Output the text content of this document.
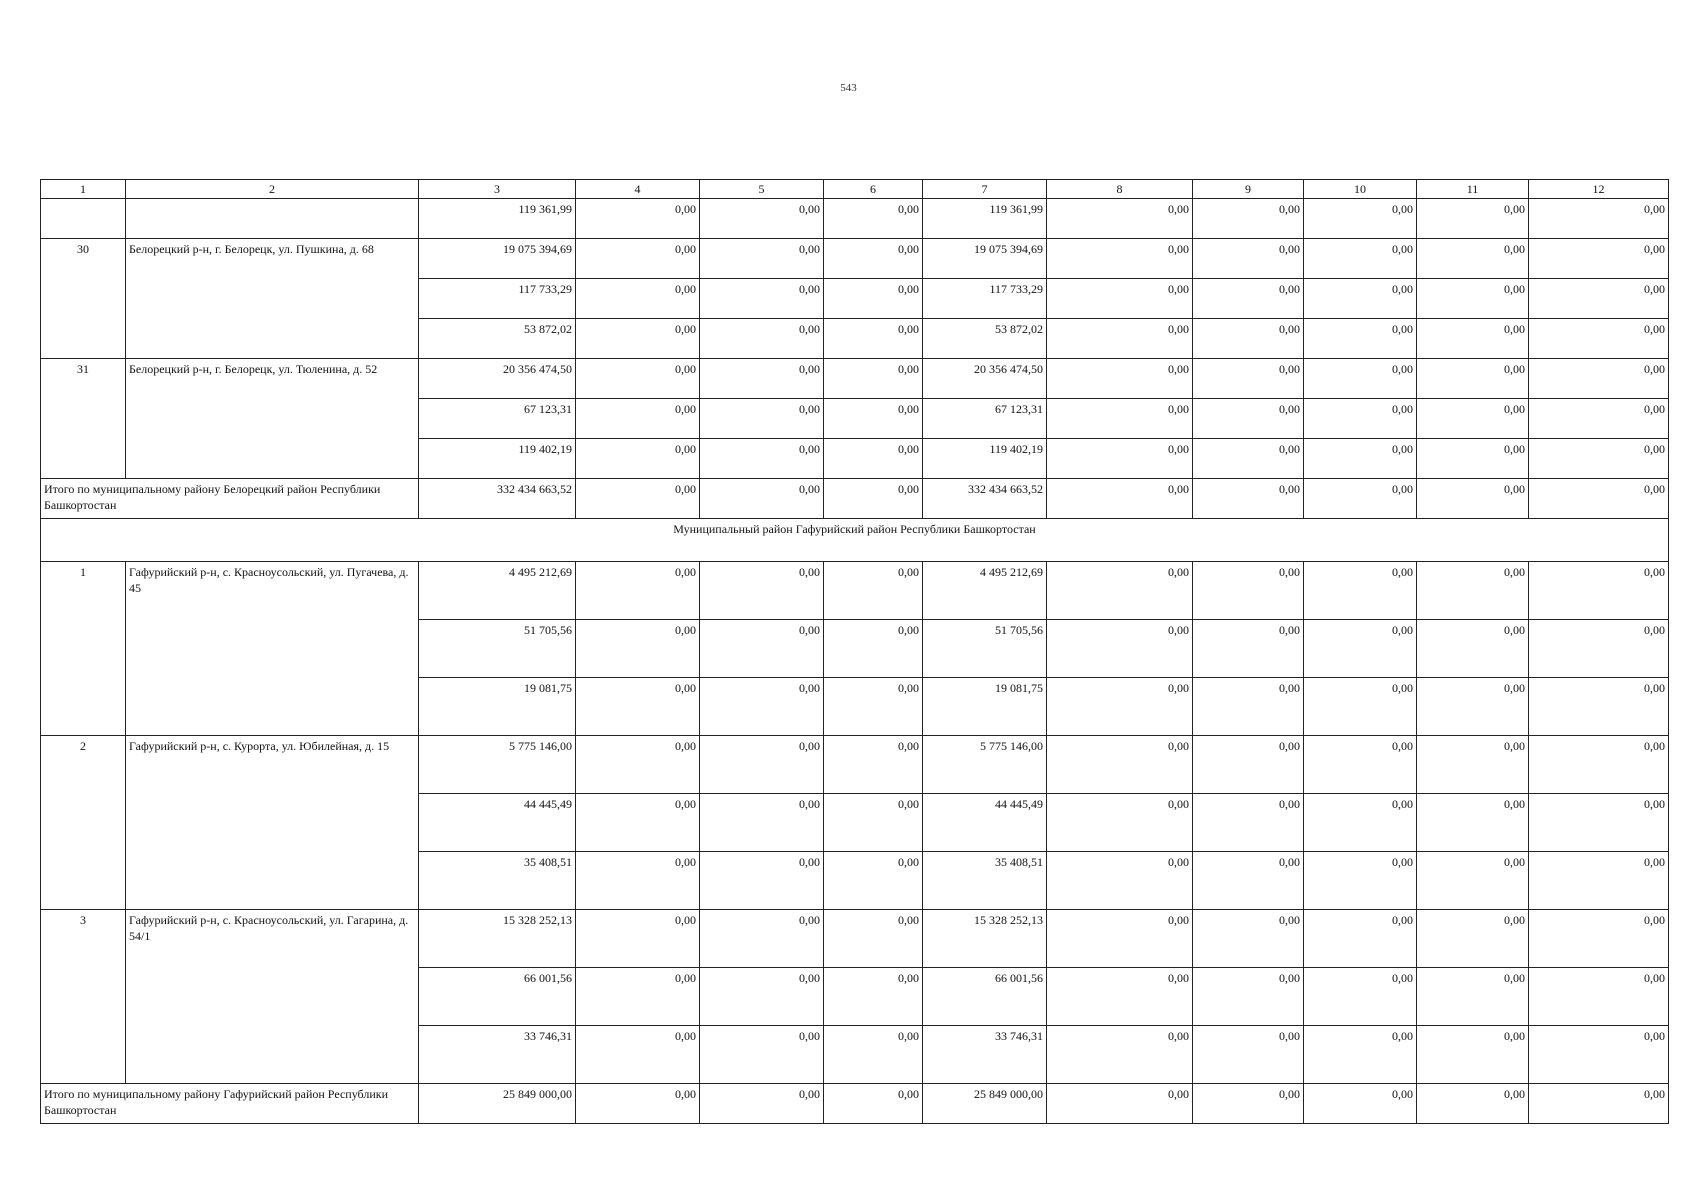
543
1	2	3	4	5	6	7	8	9	10	11	12
		119 361,99	0,00	0,00	0,00	119 361,99	0,00	0,00	0,00	0,00	0,00
30	Белорецкий р-н, г. Белорецк, ул. Пушкина, д. 68	19 075 394,69	0,00	0,00	0,00	19 075 394,69	0,00	0,00	0,00	0,00	0,00
		117 733,29	0,00	0,00	0,00	117 733,29	0,00	0,00	0,00	0,00	0,00
		53 872,02	0,00	0,00	0,00	53 872,02	0,00	0,00	0,00	0,00	0,00
31	Белорецкий р-н, г. Белорецк, ул. Тюленина, д. 52	20 356 474,50	0,00	0,00	0,00	20 356 474,50	0,00	0,00	0,00	0,00	0,00
		67 123,31	0,00	0,00	0,00	67 123,31	0,00	0,00	0,00	0,00	0,00
		119 402,19	0,00	0,00	0,00	119 402,19	0,00	0,00	0,00	0,00	0,00
Итого по муниципальному району Белорецкий район Республики Башкортостан		332 434 663,52	0,00	0,00	0,00	332 434 663,52	0,00	0,00	0,00	0,00	0,00
Муниципальный район Гафурийский район Республики Башкортостан											
1	Гафурийский р-н, с. Красноусольский, ул. Пугачева, д. 45	4 495 212,69	0,00	0,00	0,00	4 495 212,69	0,00	0,00	0,00	0,00	0,00
		51 705,56	0,00	0,00	0,00	51 705,56	0,00	0,00	0,00	0,00	0,00
		19 081,75	0,00	0,00	0,00	19 081,75	0,00	0,00	0,00	0,00	0,00
2	Гафурийский р-н, с. Курорта, ул. Юбилейная, д. 15	5 775 146,00	0,00	0,00	0,00	5 775 146,00	0,00	0,00	0,00	0,00	0,00
		44 445,49	0,00	0,00	0,00	44 445,49	0,00	0,00	0,00	0,00	0,00
		35 408,51	0,00	0,00	0,00	35 408,51	0,00	0,00	0,00	0,00	0,00
3	Гафурийский р-н, с. Красноусольский, ул. Гагарина, д. 54/1	15 328 252,13	0,00	0,00	0,00	15 328 252,13	0,00	0,00	0,00	0,00	0,00
		66 001,56	0,00	0,00	0,00	66 001,56	0,00	0,00	0,00	0,00	0,00
		33 746,31	0,00	0,00	0,00	33 746,31	0,00	0,00	0,00	0,00	0,00
Итого по муниципальному району Гафурийский район Республики Башкортостан		25 849 000,00	0,00	0,00	0,00	25 849 000,00	0,00	0,00	0,00	0,00	0,00
